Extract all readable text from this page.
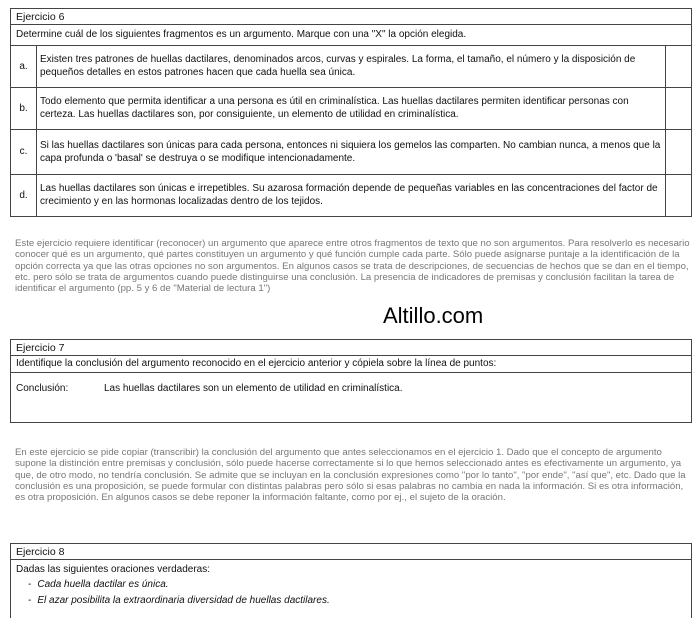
Ejercicio 6
Determine cuál de los siguientes fragmentos es un argumento. Marque con una "X" la opción elegida.
a.	Existen tres patrones de huellas dactilares, denominados arcos, curvas y espirales. La forma, el tamaño, el número y la disposición de pequeños detalles en estos patrones hacen que cada huella sea única.	
b.	Todo elemento que permita identificar a una persona es útil en criminalística. Las huellas dactilares permiten identificar personas con certeza. Las huellas dactilares son, por consiguiente, un elemento de utilidad en criminalística.	
c.	Si las huellas dactilares son únicas para cada persona, entonces ni siquiera los gemelos las comparten. No cambian nunca, a menos que la capa profunda o 'basal' se destruya o se modifique intencionadamente.	
d.	Las huellas dactilares son únicas e irrepetibles. Su azarosa formación depende de pequeñas variables en las concentraciones del factor de crecimiento y en las hormonas localizadas dentro de los tejidos.	
Este ejercicio requiere identificar (reconocer) un argumento que aparece entre otros fragmentos de texto que no son argumentos. Para resolverlo es necesario conocer qué es un argumento, qué partes constituyen un argumento y qué función cumple cada parte. Sólo puede asignarse puntaje a la identificación de la opción correcta ya que las otras opciones no son argumentos. En algunos casos se trata de descripciones, de secuencias de hechos que se dan en el tiempo, etc. pero sólo se trata de argumentos cuando puede distinguirse una conclusión. La presencia de indicadores de premisas y conclusión facilitan la tarea de identificar el argumento (pp. 5 y 6 de "Material de lectura 1")
Altillo.com
Ejercicio 7
Identifique la conclusión del argumento reconocido en el ejercicio anterior y cópiela sobre la línea de puntos:
Conclusión:	Las huellas dactilares son un elemento de utilidad en criminalística.
En este ejercicio se pide copiar (transcribir) la conclusión del argumento que antes seleccionamos en el ejercicio 1. Dado que el concepto de argumento supone la distinción entre premisas y conclusión, sólo puede hacerse correctamente si lo que hemos seleccionado antes es efectivamente un argumento, ya que, de otro modo, no tendría conclusión. Se admite que se incluyan en la conclusión expresiones como "por lo tanto", "por ende", "así que", etc. Dado que la conclusión es una proposición, se puede formular con distintas palabras pero sólo si esas palabras no cambia en nada la información. Si es otra información, es otra proposición. En algunos casos se debe reponer la información faltante, como por ej., el sujeto de la oración.
Ejercicio 8
Dadas las siguientes oraciones verdaderas:
- Cada huella dactilar es única.
- El azar posibilita la extraordinaria diversidad de huellas dactilares.
